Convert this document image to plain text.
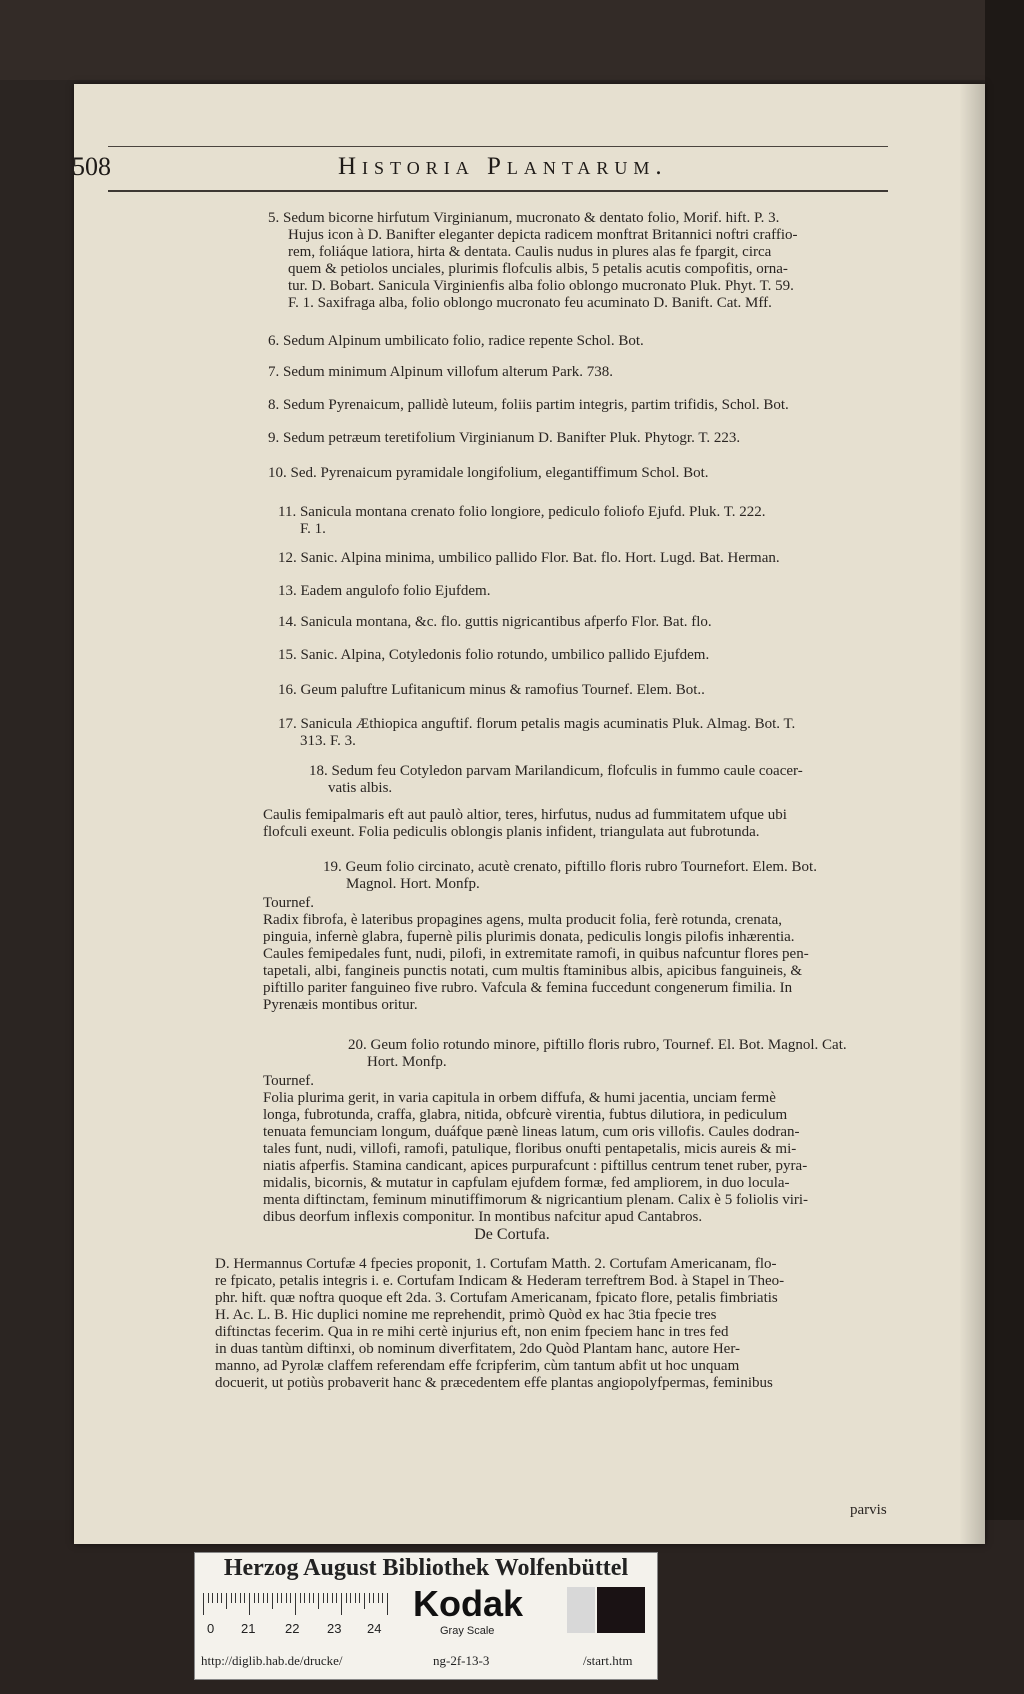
508	Historia Plantarum.
5. Sedum bicorne hirfutum Virginianum, mucronato & dentato folio, Morif. hift. P. 3.
Hujus icon à D. Banifter eleganter depicta radicem monftrat Britannici noftri craffio-
rem, foliáque latiora, hirta & dentata. Caulis nudus in plures alas fe fpargit, circa
quem & petiolos unciales, plurimis flofculis albis, 5 petalis acutis compofitis, orna-
tur. D. Bobart. Sanicula Virginienfis alba folio oblongo mucronato Pluk. Phyt. T. 59.
F. 1. Saxifraga alba, folio oblongo mucronato feu acuminato D. Banift. Cat. Mff.
6. Sedum Alpinum umbilicato folio, radice repente Schol. Bot.
7. Sedum minimum Alpinum villofum alterum Park. 738.
8. Sedum Pyrenaicum, pallidè luteum, foliis partim integris, partim trifidis, Schol. Bot.
9. Sedum petræum teretifolium Virginianum D. Banifter Pluk. Phytogr. T. 223.
10. Sed. Pyrenaicum pyramidale longifolium, elegantiffimum Schol. Bot.
11. Sanicula montana crenato folio longiore, pediculo foliofo Ejufd. Pluk. T. 222.
F. 1.
12. Sanic. Alpina minima, umbilico pallido Flor. Bat. flo. Hort. Lugd. Bat. Herman.
13. Eadem angulofo folio Ejufdem.
14. Sanicula montana, &c. flo. guttis nigricantibus afperfo Flor. Bat. flo.
15. Sanic. Alpina, Cotyledonis folio rotundo, umbilico pallido Ejufdem.
16. Geum paluftre Lufitanicum minus & ramofius Tournef. Elem. Bot..
17. Sanicula Æthiopica anguftif. florum petalis magis acuminatis Pluk. Almag. Bot. T.
313. F. 3.
18. Sedum feu Cotyledon parvam Marilandicum, flofculis in fummo caule coacer-
vatis albis.
Caulis femipalmaris eft aut paulò altior, teres, hirfutus, nudus ad fummitatem ufque ubi
flofculi exeunt. Folia pediculis oblongis planis infident, triangulata aut fubrotunda.
19. Geum folio circinato, acutè crenato, piftillo floris rubro Tournefort. Elem. Bot.
Magnol. Hort. Monfp.
Tournef.
Radix fibrofa, è lateribus propagines agens, multa producit folia, ferè rotunda, crenata,
pinguia, infernè glabra, fupernè pilis plurimis donata, pediculis longis pilofis inhærentia.
Caules femipedales funt, nudi, pilofi, in extremitate ramofi, in quibus nafcuntur flores pen-
tapetali, albi, fangineis punctis notati, cum multis ftaminibus albis, apicibus fanguineis, &
piftillo pariter fanguineo five rubro. Vafcula & femina fuccedunt congenerum fimilia. In
Pyrenæis montibus oritur.
20. Geum folio rotundo minore, piftillo floris rubro, Tournef. El. Bot. Magnol. Cat.
Hort. Monfp.
Tournef.
Folia plurima gerit, in varia capitula in orbem diffufa, & humi jacentia, unciam fermè
longa, fubrotunda, craffa, glabra, nitida, obfcurè virentia, fubtus dilutiora, in pediculum
tenuata femunciam longum, duáfque pænè lineas latum, cum oris villofis. Caules dodran-
tales funt, nudi, villofi, ramofi, patulique, floribus onufti pentapetalis, micis aureis & mi-
niatis afperfis. Stamina candicant, apices purpurafcunt : piftillus centrum tenet ruber, pyra-
midalis, bicornis, & mutatur in capfulam ejufdem formæ, fed ampliorem, in duo locula-
menta diftinctam, feminum minutiffimorum & nigricantium plenam. Calix è 5 foliolis viri-
dibus deorfum inflexis componitur. In montibus nafcitur apud Cantabros.
D. Hermannus Cortufæ 4 fpecies proponit, 1. Cortufam Matth. 2. Cortufam Americanam, flo-
re fpicato, petalis integris i. e. Cortufam Indicam & Hederam terreftrem Bod. à Stapel in Theo-
phr. hift. quæ noftra quoque eft 2da. 3. Cortufam Americanam, fpicato flore, petalis fimbriatis
H. Ac. L. B. Hic duplici nomine me reprehendit, primò Quòd ex hac 3tia fpecie tres
diftinctas fecerim. Qua in re mihi certè injurius eft, non enim fpeciem hanc in tres fed
in duas tantùm diftinxi, ob nominum diverfitatem, 2do Quòd Plantam hanc, autore Her-
manno, ad Pyrolæ claffem referendam effe fcripferim, cùm tantum abfit ut hoc unquam
docuerit, ut potiùs probaverit hanc & præcedentem effe plantas angiopolyfpermas, feminibus
De Cortufa.
parvis
Herzog August Bibliothek Wolfenbüttel
0 21 22 23 24
Kodak
Gray Scale
http://diglib.hab.de/drucke/	ng-2f-13-3	/start.htm
